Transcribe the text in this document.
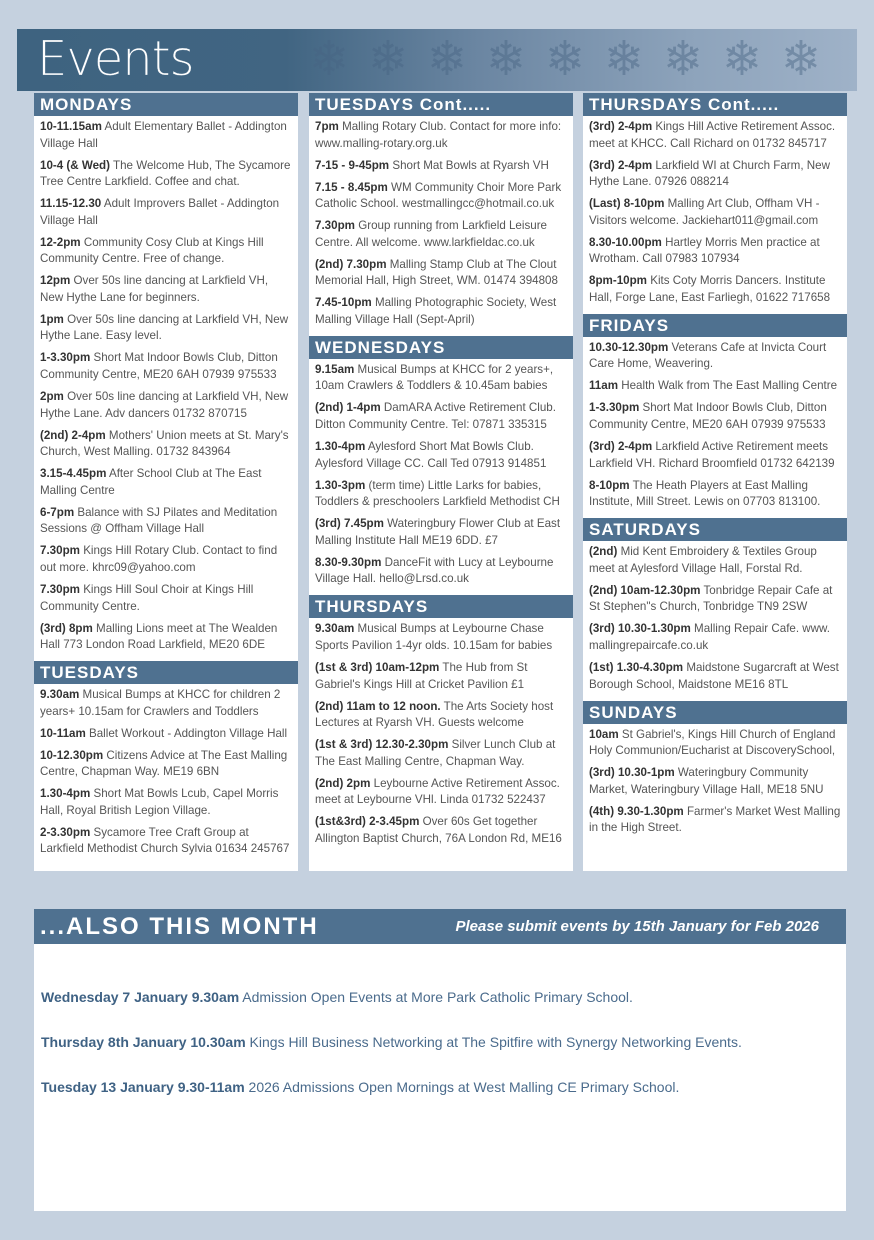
Events ❄ ❄ ❄ ❄ ❄ ❄ ❄ ❄ ❄
MONDAYS
10-11.15am Adult Elementary Ballet - Addington Village Hall
10-4 (& Wed) The Welcome Hub, The Sycamore Tree Centre Larkfield. Coffee and chat.
11.15-12.30 Adult Improvers Ballet - Addington Village Hall
12-2pm Community Cosy Club at Kings Hill Community Centre. Free of change.
12pm Over 50s line dancing at Larkfield VH, New Hythe Lane for beginners.
1pm Over 50s line dancing at Larkfield VH, New Hythe Lane. Easy level.
1-3.30pm Short Mat Indoor Bowls Club, Ditton Community Centre, ME20 6AH 07939 975533
2pm Over 50s line dancing at Larkfield VH, New Hythe Lane. Adv dancers 01732 870715
(2nd) 2-4pm Mothers' Union meets at St. Mary's Church, West Malling. 01732 843964
3.15-4.45pm After School Club at The East Malling Centre
6-7pm Balance with SJ Pilates and Meditation Sessions @ Offham Village Hall
7.30pm Kings Hill Rotary Club. Contact to find out more. khrc09@yahoo.com
7.30pm Kings Hill Soul Choir at Kings Hill Community Centre.
(3rd) 8pm Malling Lions meet at The Wealden Hall 773 London Road Larkfield, ME20 6DE
TUESDAYS
9.30am Musical Bumps at KHCC for children 2 years+ 10.15am for Crawlers and Toddlers
10-11am Ballet Workout - Addington Village Hall
10-12.30pm Citizens Advice at The East Malling Centre, Chapman Way. ME19 6BN
1.30-4pm Short Mat Bowls Lcub, Capel Morris Hall, Royal British Legion Village.
2-3.30pm Sycamore Tree Craft Group at Larkfield Methodist Church Sylvia 01634 245767
TUESDAYS Cont.....
7pm Malling Rotary Club. Contact for more info: www.malling-rotary.org.uk
7-15 - 9-45pm Short Mat Bowls at Ryarsh VH
7.15 - 8.45pm WM Community Choir More Park Catholic School. westmallingcc@hotmail.co.uk
7.30pm Group running from Larkfield Leisure Centre. All welcome. www.larkfieldac.co.uk
(2nd) 7.30pm Malling Stamp Club at The Clout Memorial Hall, High Street, WM. 01474 394808
7.45-10pm Malling Photographic Society, West Malling Village Hall (Sept-April)
WEDNESDAYS
9.15am Musical Bumps at KHCC for 2 years+, 10am Crawlers & Toddlers & 10.45am babies
(2nd) 1-4pm DamARA Active Retirement Club. Ditton Community Centre. Tel: 07871 335315
1.30-4pm Aylesford Short Mat Bowls Club. Aylesford Village CC. Call Ted 07913 914851
1.30-3pm (term time) Little Larks for babies, Toddlers & preschoolers Larkfield Methodist CH
(3rd) 7.45pm Wateringbury Flower Club at East Malling Institute Hall ME19 6DD. £7
8.30-9.30pm DanceFit with Lucy at Leybourne Village Hall. hello@Lrsd.co.uk
THURSDAYS
9.30am Musical Bumps at Leybourne Chase Sports Pavilion 1-4yr olds. 10.15am for babies
(1st & 3rd) 10am-12pm The Hub from St Gabriel's Kings Hill at Cricket Pavilion £1
(2nd) 11am to 12 noon. The Arts Society host Lectures at Ryarsh VH. Guests welcome
(1st & 3rd) 12.30-2.30pm Silver Lunch Club at The East Malling Centre, Chapman Way.
(2nd) 2pm Leybourne Active Retirement Assoc. meet at Leybourne VHl. Linda 01732 522437
(1st&3rd) 2-3.45pm Over 60s Get together Allington Baptist Church, 76A London Rd, ME16
THURSDAYS Cont.....
(3rd) 2-4pm Kings Hill Active Retirement Assoc. meet at KHCC. Call Richard on 01732 845717
(3rd) 2-4pm Larkfield WI at Church Farm, New Hythe Lane. 07926 088214
(Last) 8-10pm Malling Art Club, Offham VH - Visitors welcome. Jackiehart011@gmail.com
8.30-10.00pm Hartley Morris Men practice at Wrotham. Call 07983 107934
8pm-10pm Kits Coty Morris Dancers. Institute Hall, Forge Lane, East Farliegh, 01622 717658
FRIDAYS
10.30-12.30pm Veterans Cafe at Invicta Court Care Home, Weavering.
11am Health Walk from The East Malling Centre
1-3.30pm Short Mat Indoor Bowls Club, Ditton Community Centre, ME20 6AH 07939 975533
(3rd) 2-4pm Larkfield Active Retirement meets Larkfield VH. Richard Broomfield 01732 642139
8-10pm The Heath Players at East Malling Institute, Mill Street. Lewis on 07703 813100.
SATURDAYS
(2nd) Mid Kent Embroidery & Textiles Group meet at Aylesford Village Hall, Forstal Rd.
(2nd) 10am-12.30pm Tonbridge Repair Cafe at St Stephen"s Church, Tonbridge TN9 2SW
(3rd) 10.30-1.30pm Malling Repair Cafe. www. mallingrepaircafe.co.uk
(1st) 1.30-4.30pm Maidstone Sugarcraft at West Borough School, Maidstone ME16 8TL
SUNDAYS
10am St Gabriel's, Kings Hill Church of England Holy Communion/Eucharist at DiscoverySchool,
(3rd) 10.30-1pm Wateringbury Community Market, Wateringbury Village Hall, ME18 5NU
(4th) 9.30-1.30pm Farmer's Market West Malling in the High Street.
...ALSO THIS MONTH	Please submit events by 15th January for Feb 2026
Wednesday 7 January 9.30am Admission Open Events at More Park Catholic Primary School.
Thursday 8th January 10.30am Kings Hill Business Networking at The Spitfire with Synergy Networking Events.
Tuesday 13 January 9.30-11am 2026 Admissions Open Mornings at West Malling CE Primary School.
